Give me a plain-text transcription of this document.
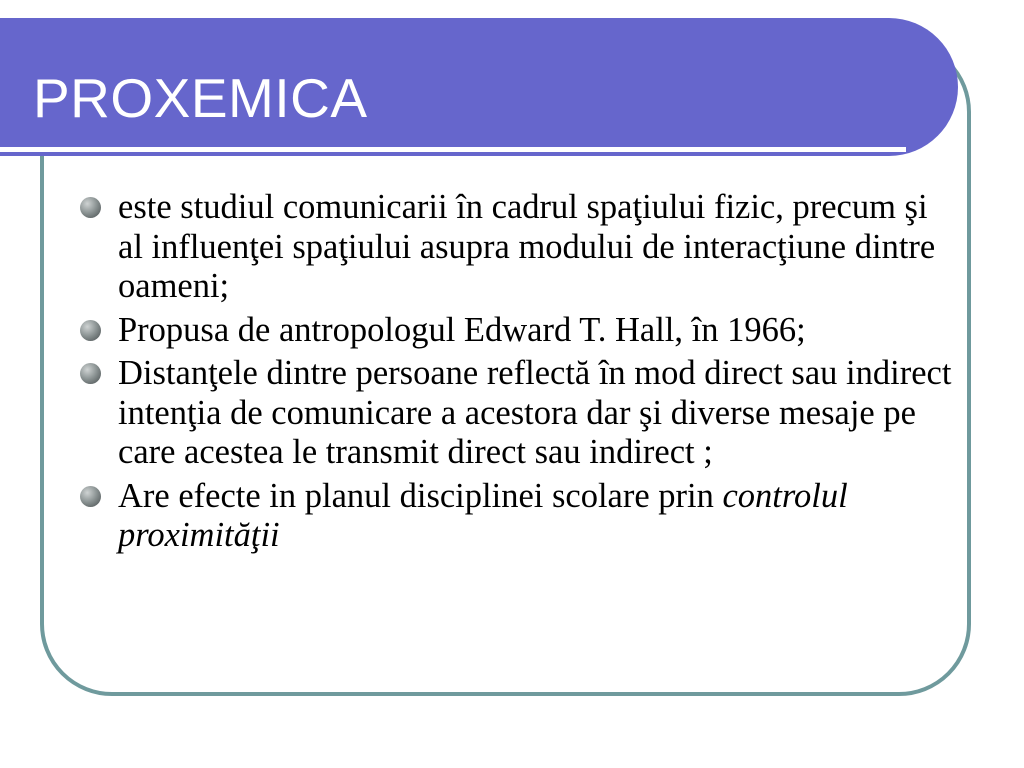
PROXEMICA
este studiul comunicarii în cadrul spaţiului fizic, precum şi al influenţei spaţiului asupra modului de interacţiune dintre oameni;
Propusa de antropologul Edward T. Hall, în 1966;
Distanţele dintre persoane reflectă în mod direct sau indirect intenţia de comunicare a acestora dar şi diverse mesaje pe care acestea le transmit direct sau indirect ;
Are efecte in planul disciplinei scolare prin controlul proximităţii
